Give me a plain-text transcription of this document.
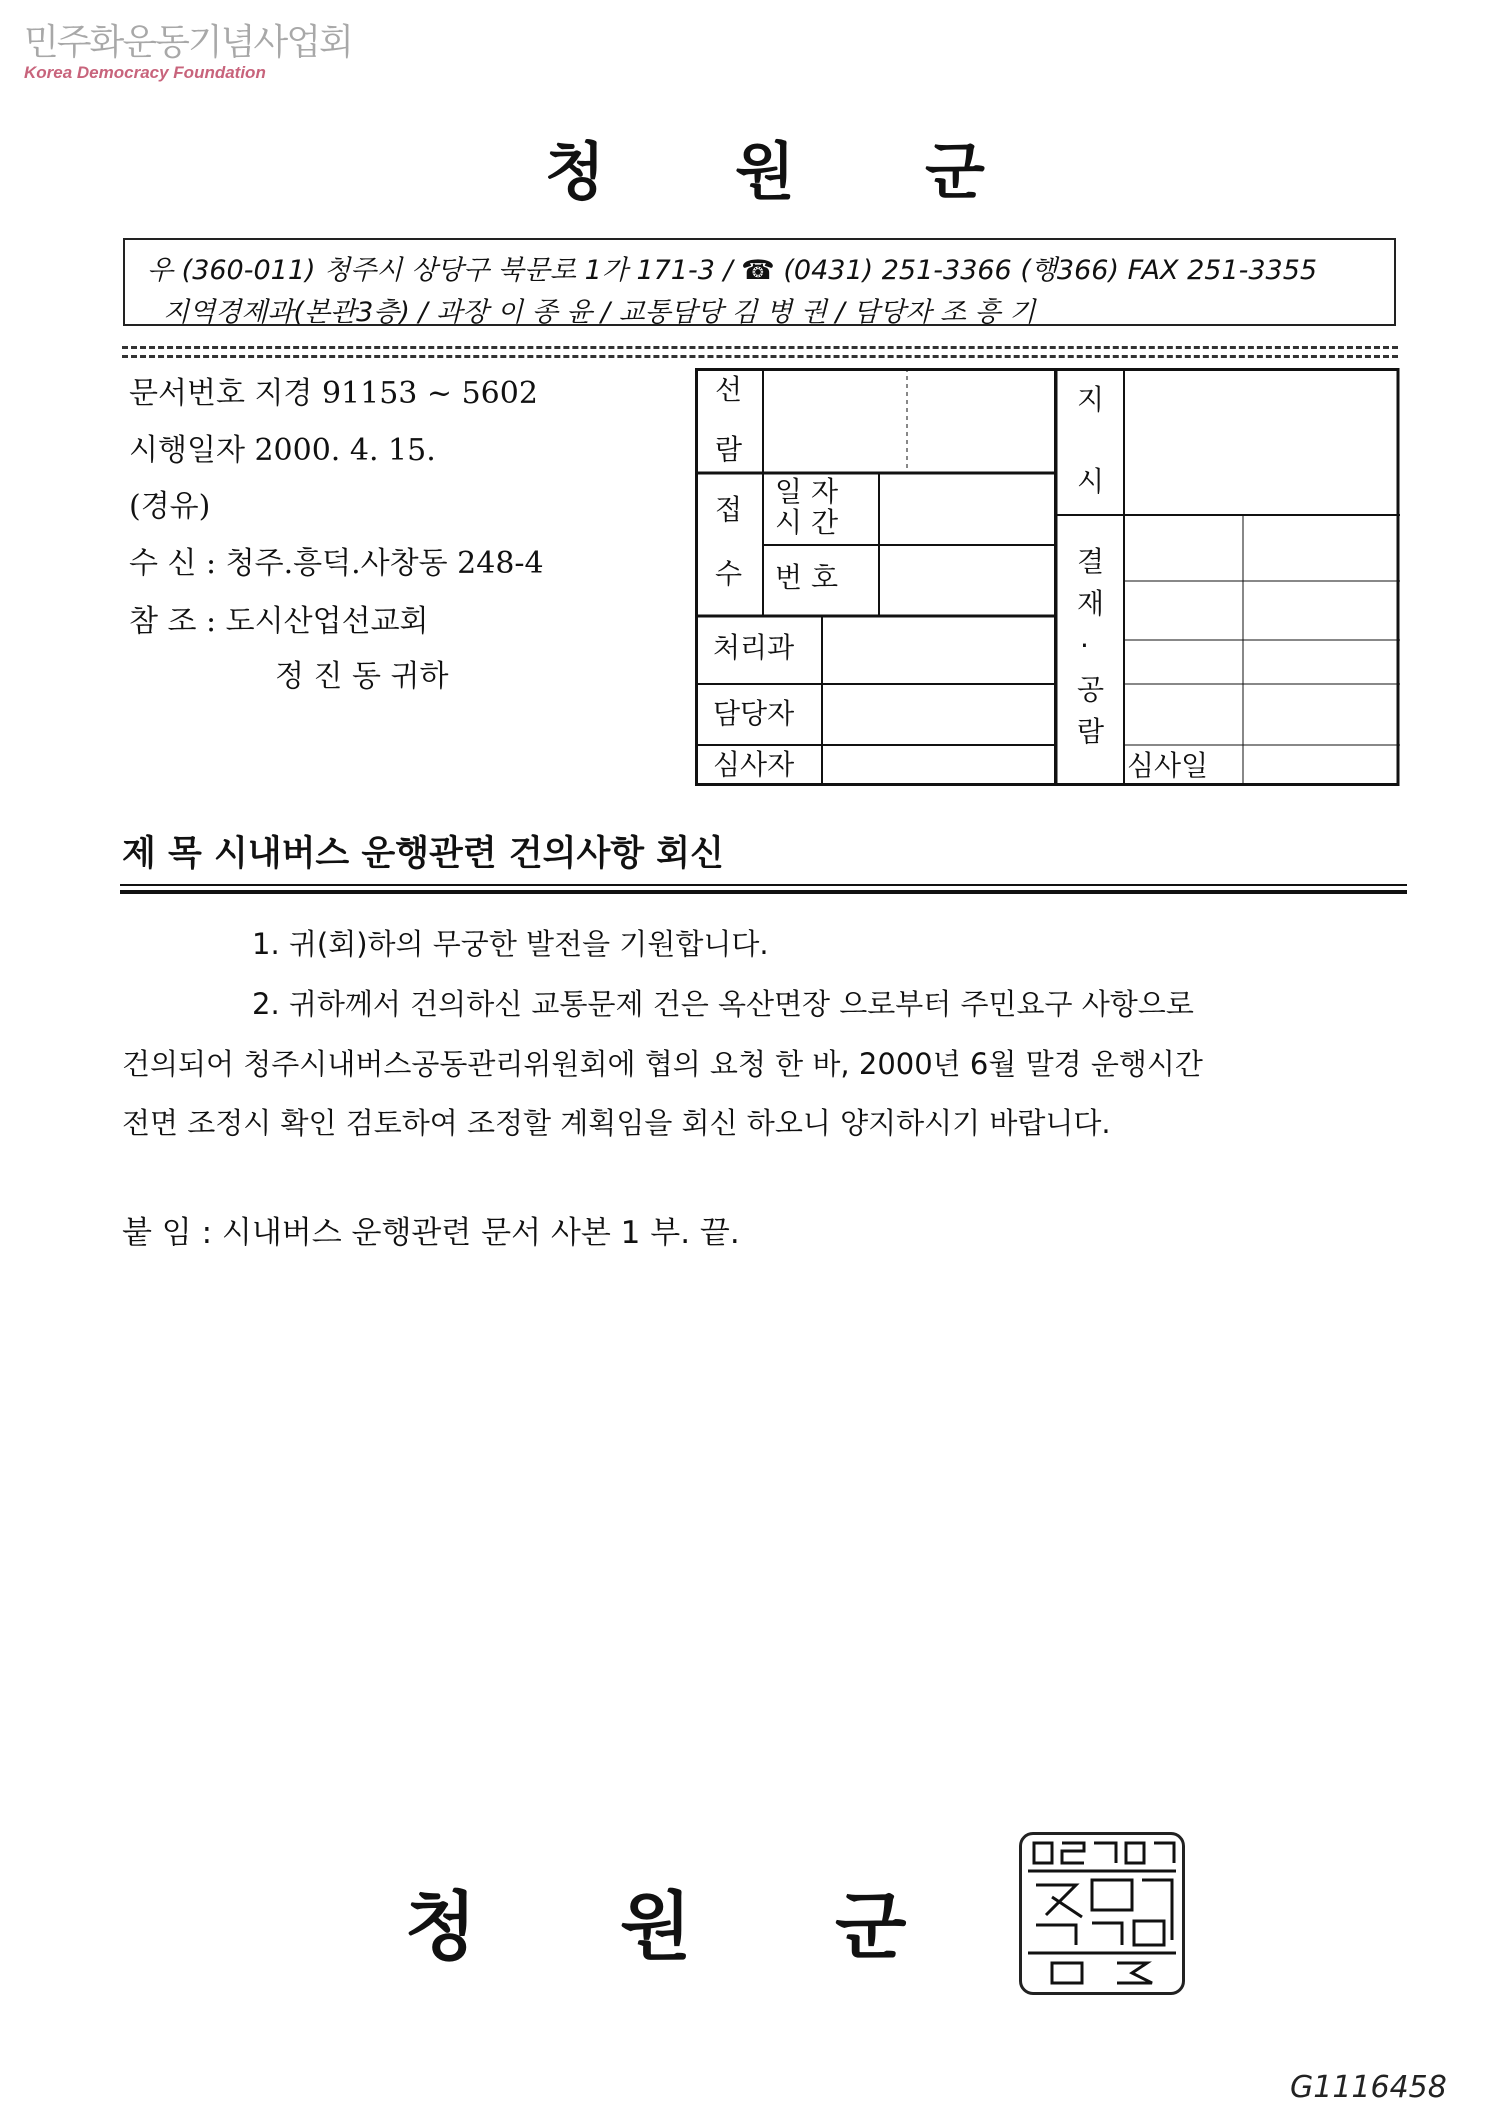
민주화운동기념사업회
Korea Democracy Foundation
청 원 군
우 (360-011) 청주시 상당구 북문로 1가 171-3 / ☎ (0431) 251-3366 (행366) FAX 251-3355
지역경제과(본관3층) / 과장 이 종 윤 / 교통담당 김 병 권 / 담당자 조 흥 기
문서번호 지경 91153 ~ 5602
시행일자 2000. 4. 15.
(경유)
수 신 : 청주.흥덕.사창동 248-4
참 조 : 도시산업선교회
정 진 동 귀하
선
람
접
수
일 자
시 간
번 호
처리과
담당자
심사자
지
시
결
재
·
공
람
심사일
제 목 시내버스 운행관련 건의사항 회신
1. 귀(회)하의 무궁한 발전을 기원합니다.
2. 귀하께서 건의하신 교통문제 건은 옥산면장 으로부터 주민요구 사항으로
건의되어 청주시내버스공동관리위원회에 협의 요청 한 바, 2000년 6월 말경 운행시간
전면 조정시 확인 검토하여 조정할 계획임을 회신 하오니 양지하시기 바랍니다.
붙 임 : 시내버스 운행관련 문서 사본 1 부. 끝.
청 원 군
G1116458
